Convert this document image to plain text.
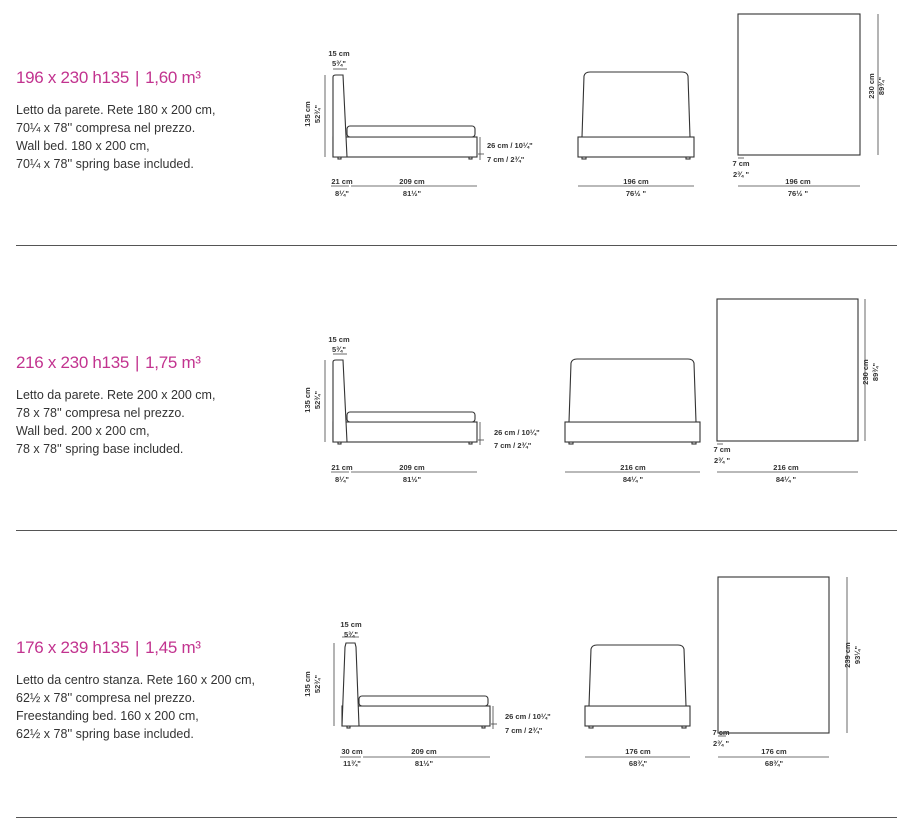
196 x 230 h135 | 1,60 m³
Letto da parete. Rete 180 x 200 cm,
70¼ x 78'' compresa nel prezzo.
Wall bed. 180 x 200 cm,
70¼ x 78'' spring base included.
15 cm
5¾"
135 cm 52¾"
26 cm / 10¼"
7 cm / 2¾"
21 cm
8¼"
209 cm
81½"
196 cm
76½ "
230 cm 89¾"
7 cm
2¾ "
196 cm
76½ "
216 x 230 h135 | 1,75 m³
Letto da parete. Rete 200 x 200 cm,
78 x 78'' compresa nel prezzo.
Wall bed. 200 x 200 cm,
78 x 78'' spring base included.
15 cm
5¾"
135 cm 52¾"
26 cm / 10¼"
7 cm / 2¾"
21 cm
8¼"
209 cm
81½"
216 cm
84¼ "
230 cm 89¾"
7 cm
2¾ "
216 cm
84¼ "
176 x 239 h135 | 1,45 m³
Letto da centro stanza. Rete 160 x 200 cm,
62½ x 78'' compresa nel prezzo.
Freestanding bed. 160 x 200 cm,
62½ x 78'' spring base included.
15 cm
5¾"
135 cm 52¾"
26 cm / 10¼"
7 cm / 2¾"
30 cm
11¾"
209 cm
81½"
176 cm
68¾"
239 cm 93¼"
7 cm
2¾ "
176 cm
68¾"
